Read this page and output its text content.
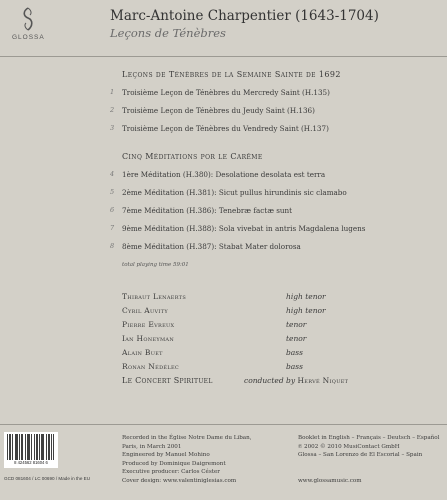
GLOSSA
Marc-Antoine Charpentier (1643-1704)
Leçons de Ténèbres
Leçons de Ténèbres de la Semaine Sainte de 1692
1	Troisième Leçon de Ténèbres du Mercredy Saint (H.135)
2	Troisième Leçon de Ténèbres du Jeudy Saint (H.136)
3	Troisième Leçon de Ténèbres du Vendredy Saint (H.137)
Cinq Méditations por le Carême
4	1ère Méditation (H.380): Desolatione desolata est terra
5	2ème Méditation (H.381): Sicut pullus hirundinis sic clamabo
6	7ème Méditation (H.386): Tenebræ factæ sunt
7	9ème Méditation (H.388): Sola vivebat in antris Magdalena lugens
8	8ème Méditation (H.387): Stabat Mater dolorosa
total playing time 59:01
Thibaut Lenaerts	high tenor
Cyril Auvity	high tenor
Pierre Evreux	tenor
Ian Honeyman	tenor
Alain Buet	bass
Ronan Nédélec	bass
Le Concert Spirituel	conducted by Hervé Niquet
8 424562 81604 6
GCD 081604 / LC 00690 / Made in the EU
Recorded in the Église Notre Dame du Liban,
Paris, in March 2001
Engineered by Manuel Mohino
Produced by Dominique Daigremont
Executive producer: Carlos Céster
Cover design: www.valentiniglesias.com
Booklet in English – Français – Deutsch – Español
℗ 2002 © 2010 MusiContact GmbH
Glossa – San Lorenzo de El Escorial – Spain

www.glossamusic.com
